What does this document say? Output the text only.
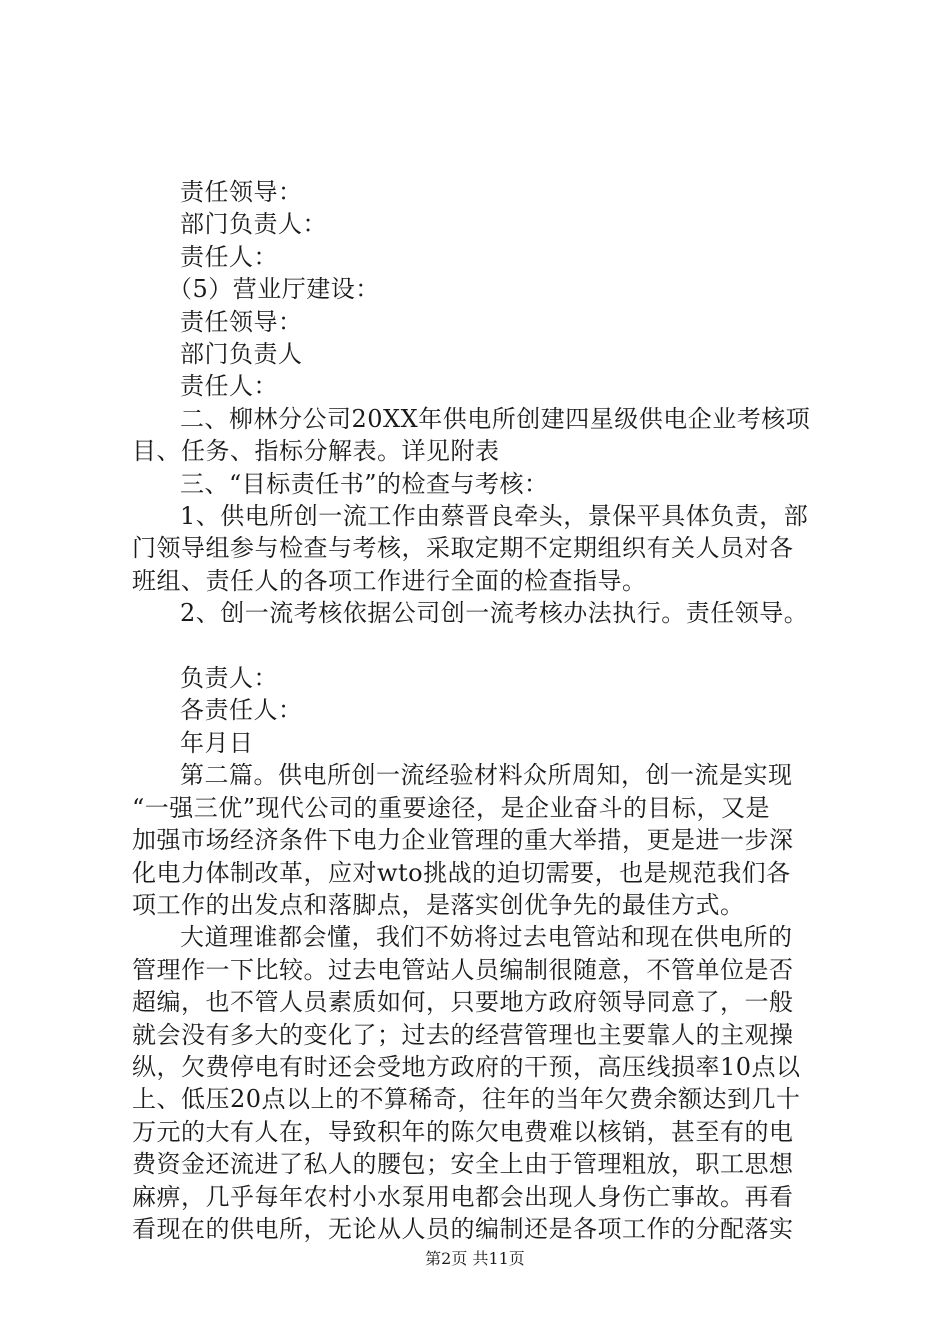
责任领导：
部门负责人：
责任人：
（5）营业厅建设：
责任领导：
部门负责人
责任人：
二、柳林分公司20XX年供电所创建四星级供电企业考核项
目、任务、指标分解表。详见附表
三、“目标责任书”的检查与考核：
1、供电所创一流工作由蔡晋良牵头，景保平具体负责，部
门领导组参与检查与考核，采取定期不定期组织有关人员对各
班组、责任人的各项工作进行全面的检查指导。
2、创一流考核依据公司创一流考核办法执行。责任领导。
负责人：
各责任人：
年月日
第二篇。供电所创一流经验材料众所周知，创一流是实现
“一强三优”现代公司的重要途径，是企业奋斗的目标，又是
加强市场经济条件下电力企业管理的重大举措，更是进一步深
化电力体制改革，应对wto挑战的迫切需要，也是规范我们各
项工作的出发点和落脚点，是落实创优争先的最佳方式。
大道理谁都会懂，我们不妨将过去电管站和现在供电所的
管理作一下比较。过去电管站人员编制很随意，不管单位是否
超编，也不管人员素质如何，只要地方政府领导同意了，一般
就会没有多大的变化了；过去的经营管理也主要靠人的主观操
纵，欠费停电有时还会受地方政府的干预，高压线损率10点以
上、低压20点以上的不算稀奇，往年的当年欠费余额达到几十
万元的大有人在，导致积年的陈欠电费难以核销，甚至有的电
费资金还流进了私人的腰包；安全上由于管理粗放，职工思想
麻痹，几乎每年农村小水泵用电都会出现人身伤亡事故。再看
看现在的供电所，无论从人员的编制还是各项工作的分配落实
第2页 共11页
